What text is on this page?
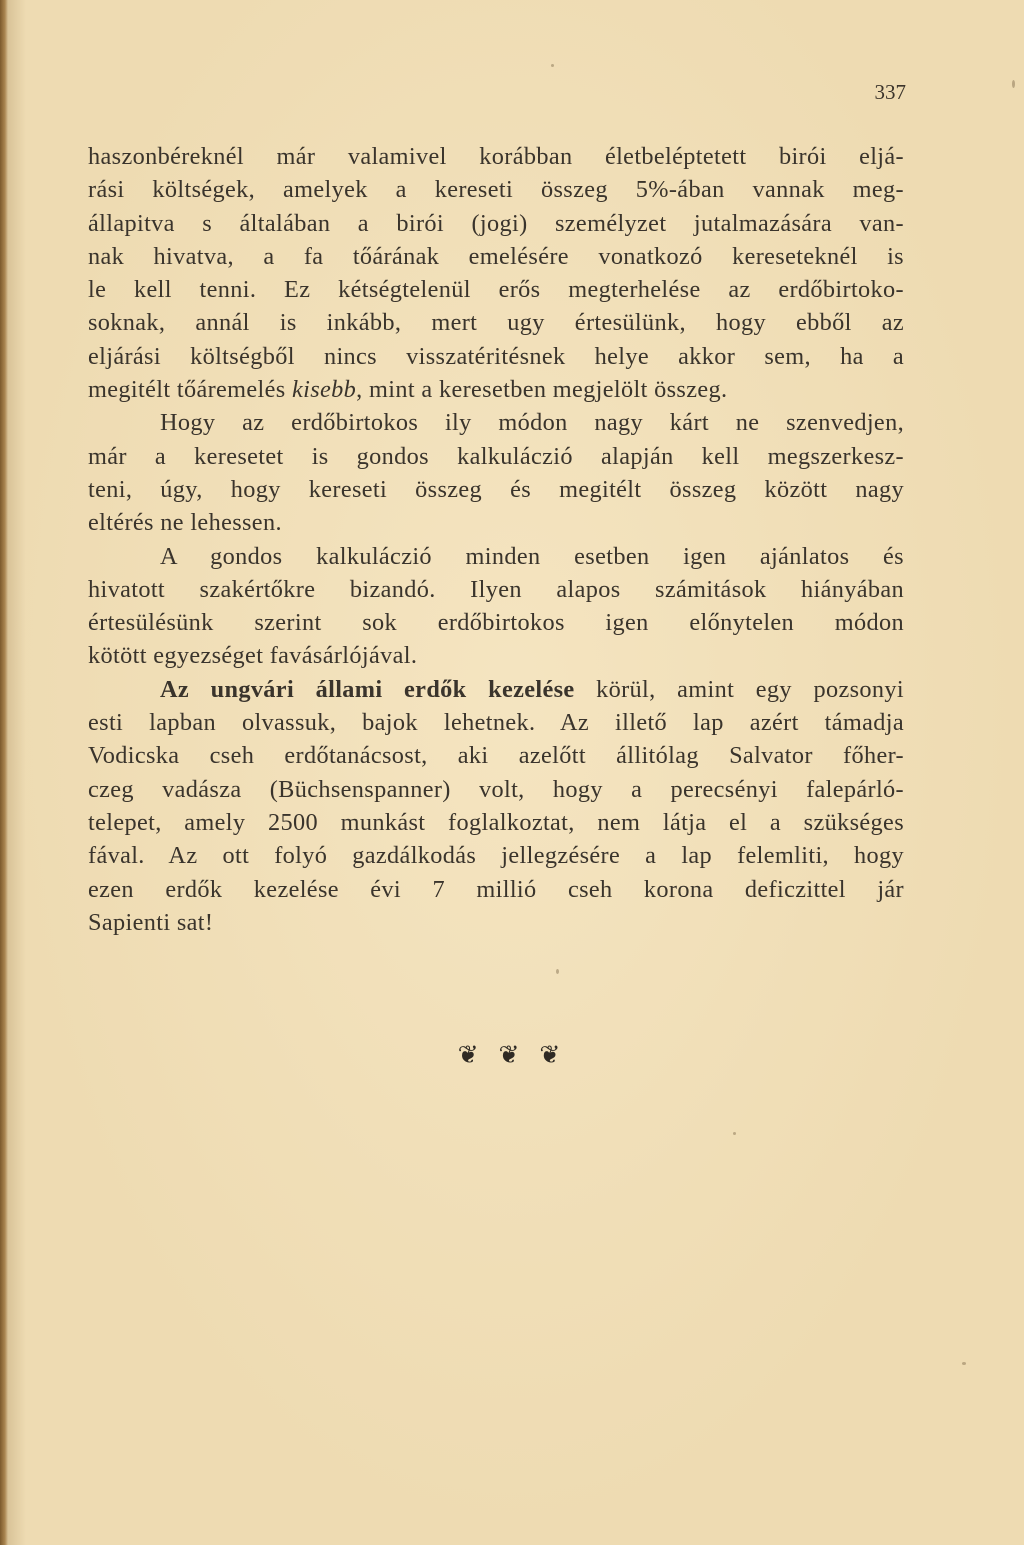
337
haszonbéreknél már valamivel korábban életbeléptetett birói eljá-
rási költségek, amelyek a kereseti összeg 5%-ában vannak meg-
állapitva s általában a birói (jogi) személyzet jutalmazására van-
nak hivatva, a fa tőárának emelésére vonatkozó kereseteknél is
le kell tenni. Ez kétségtelenül erős megterhelése az erdőbirtoko-
soknak, annál is inkább, mert ugy értesülünk, hogy ebből az
eljárási költségből nincs visszatéritésnek helye akkor sem, ha a
megitélt tőáremelés kisebb, mint a keresetben megjelölt összeg.
Hogy az erdőbirtokos ily módon nagy kárt ne szenvedjen,
már a keresetet is gondos kalkuláczió alapján kell megszerkesz-
teni, úgy, hogy kereseti összeg és megitélt összeg között nagy
eltérés ne lehessen.
A gondos kalkuláczió minden esetben igen ajánlatos és
hivatott szakértőkre bizandó. Ilyen alapos számitások hiányában
értesülésünk szerint sok erdőbirtokos igen előnytelen módon
kötött egyezséget favásárlójával.
Az ungvári állami erdők kezelése körül, amint egy pozsonyi
esti lapban olvassuk, bajok lehetnek. Az illető lap azért támadja
Vodicska cseh erdőtanácsost, aki azelőtt állitólag Salvator főher-
czeg vadásza (Büchsenspanner) volt, hogy a perecsényi falepárló-
telepet, amely 2500 munkást foglalkoztat, nem látja el a szükséges
fával. Az ott folyó gazdálkodás jellegzésére a lap felemliti, hogy
ezen erdők kezelése évi 7 millió cseh korona deficzittel jár
Sapienti sat!
❦ ❦ ❦
